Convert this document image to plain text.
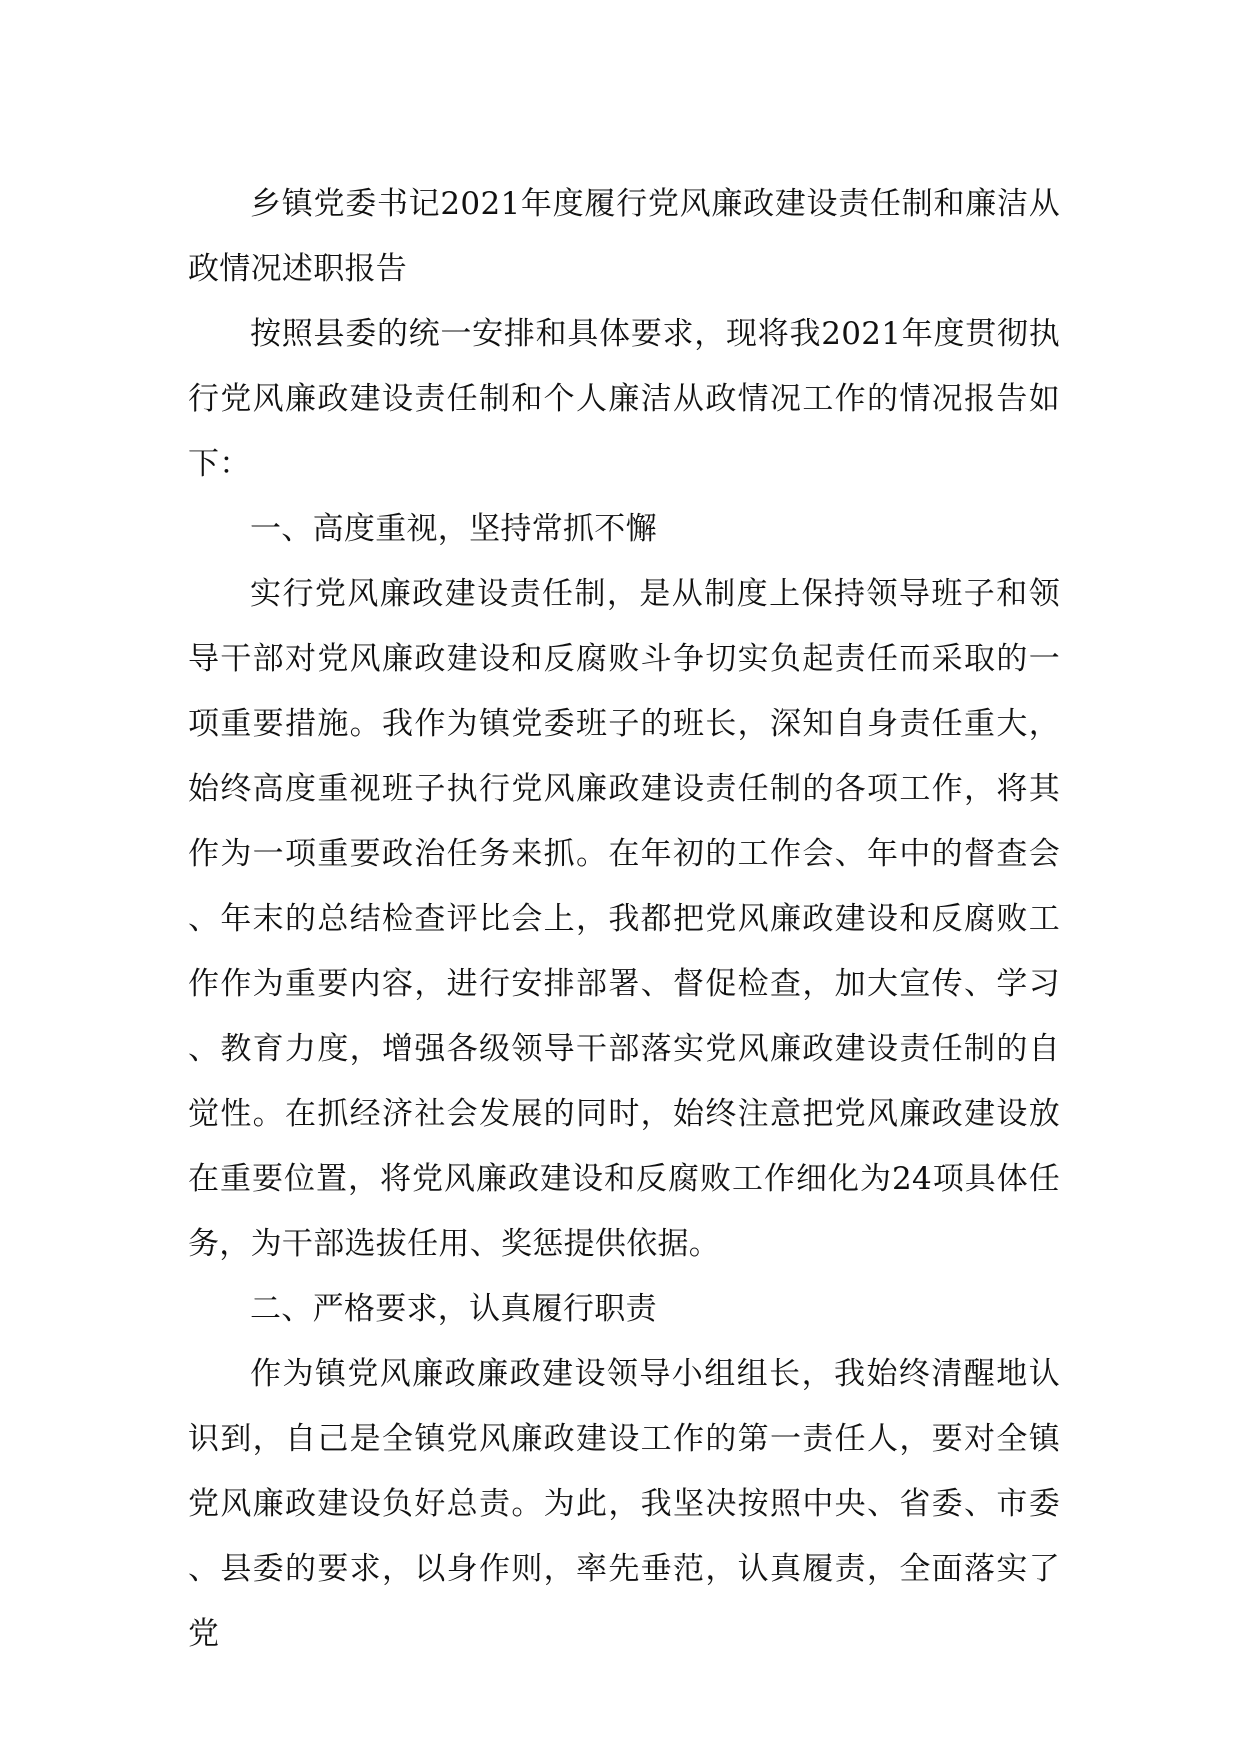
乡镇党委书记2021年度履行党风廉政建设责任制和廉洁从政情况述职报告

按照县委的统一安排和具体要求，现将我2021年度贯彻执行党风廉政建设责任制和个人廉洁从政情况工作的情况报告如下：

一、高度重视，坚持常抓不懈

实行党风廉政建设责任制，是从制度上保持领导班子和领导干部对党风廉政建设和反腐败斗争切实负起责任而采取的一项重要措施。我作为镇党委班子的班长，深知自身责任重大，始终高度重视班子执行党风廉政建设责任制的各项工作，将其作为一项重要政治任务来抓。在年初的工作会、年中的督查会、年末的总结检查评比会上，我都把党风廉政建设和反腐败工作作为重要内容，进行安排部署、督促检查，加大宣传、学习、教育力度，增强各级领导干部落实党风廉政建设责任制的自觉性。在抓经济社会发展的同时，始终注意把党风廉政建设放在重要位置，将党风廉政建设和反腐败工作细化为24项具体任务，为干部选拔任用、奖惩提供依据。

二、严格要求，认真履行职责

作为镇党风廉政廉政建设领导小组组长，我始终清醒地认识到，自己是全镇党风廉政建设工作的第一责任人，要对全镇党风廉政建设负好总责。为此，我坚决按照中央、省委、市委、县委的要求，以身作则，率先垂范，认真履责，全面落实了党
